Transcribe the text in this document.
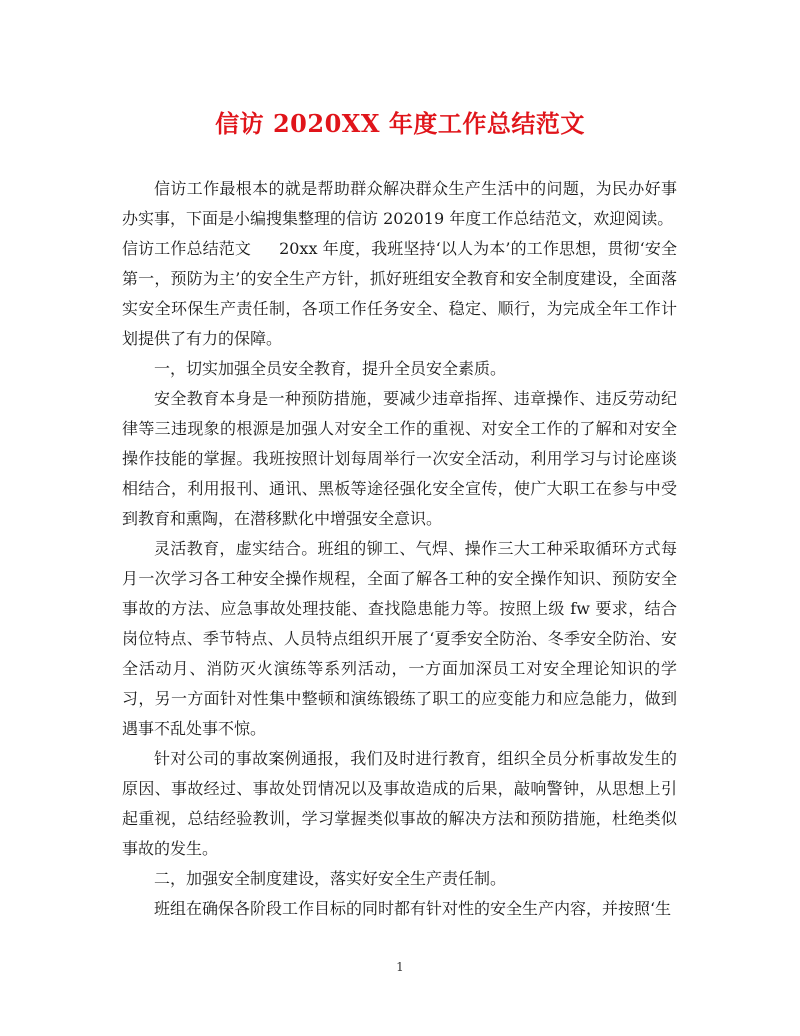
信访 2020XX 年度工作总结范文

信访工作最根本的就是帮助群众解决群众生产生活中的问题，为民办好事办实事，下面是小编搜集整理的信访 202019 年度工作总结范文，欢迎阅读。

信访工作总结范文 20xx 年度，我班坚持‘以人为本’的工作思想，贯彻‘安全第一，预防为主’的安全生产方针，抓好班组安全教育和安全制度建设，全面落实安全环保生产责任制，各项工作任务安全、稳定、顺行，为完成全年工作计划提供了有力的保障。

一，切实加强全员安全教育，提升全员安全素质。

安全教育本身是一种预防措施，要减少违章指挥、违章操作、违反劳动纪律等三违现象的根源是加强人对安全工作的重视、对安全工作的了解和对安全操作技能的掌握。我班按照计划每周举行一次安全活动，利用学习与讨论座谈相结合，利用报刊、通讯、黑板等途径强化安全宣传，使广大职工在参与中受到教育和熏陶，在潜移默化中增强安全意识。

灵活教育，虚实结合。班组的铆工、气焊、操作三大工种采取循环方式每月一次学习各工种安全操作规程，全面了解各工种的安全操作知识、预防安全事故的方法、应急事故处理技能、查找隐患能力等。按照上级 fw 要求，结合岗位特点、季节特点、人员特点组织开展了‘夏季安全防治、冬季安全防治、安全活动月、消防灭火演练等系列活动，一方面加深员工对安全理论知识的学习，另一方面针对性集中整顿和演练锻练了职工的应变能力和应急能力，做到遇事不乱处事不惊。

针对公司的事故案例通报，我们及时进行教育，组织全员分析事故发生的原因、事故经过、事故处罚情况以及事故造成的后果，敲响警钟，从思想上引起重视，总结经验教训，学习掌握类似事故的解决方法和预防措施，杜绝类似事故的发生。

二，加强安全制度建设，落实好安全生产责任制。

班组在确保各阶段工作目标的同时都有针对性的安全生产内容，并按照‘生

1
